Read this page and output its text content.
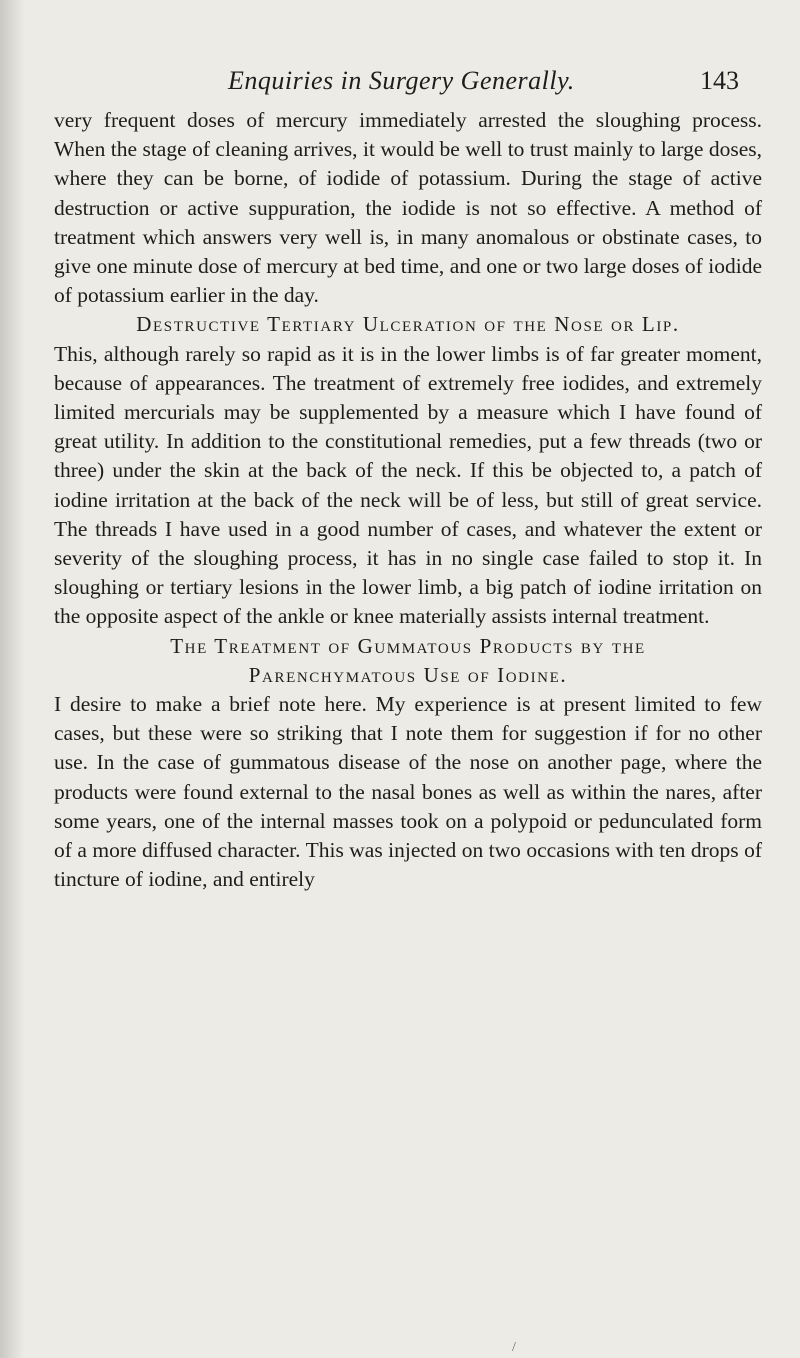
Enquiries in Surgery Generally.	143

very frequent doses of mercury immediately arrested the sloughing process. When the stage of cleaning arrives, it would be well to trust mainly to large doses, where they can be borne, of iodide of potassium. During the stage of active destruction or active suppuration, the iodide is not so effective. A method of treatment which answers very well is, in many anomalous or obstinate cases, to give one minute dose of mercury at bed time, and one or two large doses of iodide of potassium earlier in the day.

Destructive Tertiary Ulceration of the Nose or Lip.

This, although rarely so rapid as it is in the lower limbs is of far greater moment, because of appearances. The treatment of extremely free iodides, and extremely limited mercurials may be supplemented by a measure which I have found of great utility. In addition to the constitutional remedies, put a few threads (two or three) under the skin at the back of the neck. If this be objected to, a patch of iodine irritation at the back of the neck will be of less, but still of great service. The threads I have used in a good number of cases, and whatever the extent or severity of the sloughing process, it has in no single case failed to stop it. In sloughing or tertiary lesions in the lower limb, a big patch of iodine irritation on the opposite aspect of the ankle or knee materially assists internal treatment.

The Treatment of Gummatous Products by the

Parenchymatous Use of Iodine.

I desire to make a brief note here. My experience is at present limited to few cases, but these were so striking that I note them for suggestion if for no other use. In the case of gummatous disease of the nose on another page, where the products were found external to the nasal bones as well as within the nares, after some years, one of the internal masses took on a polypoid or pedunculated form of a more diffused character. This was injected on two occasions with ten drops of tincture of iodine, and entirely

/
